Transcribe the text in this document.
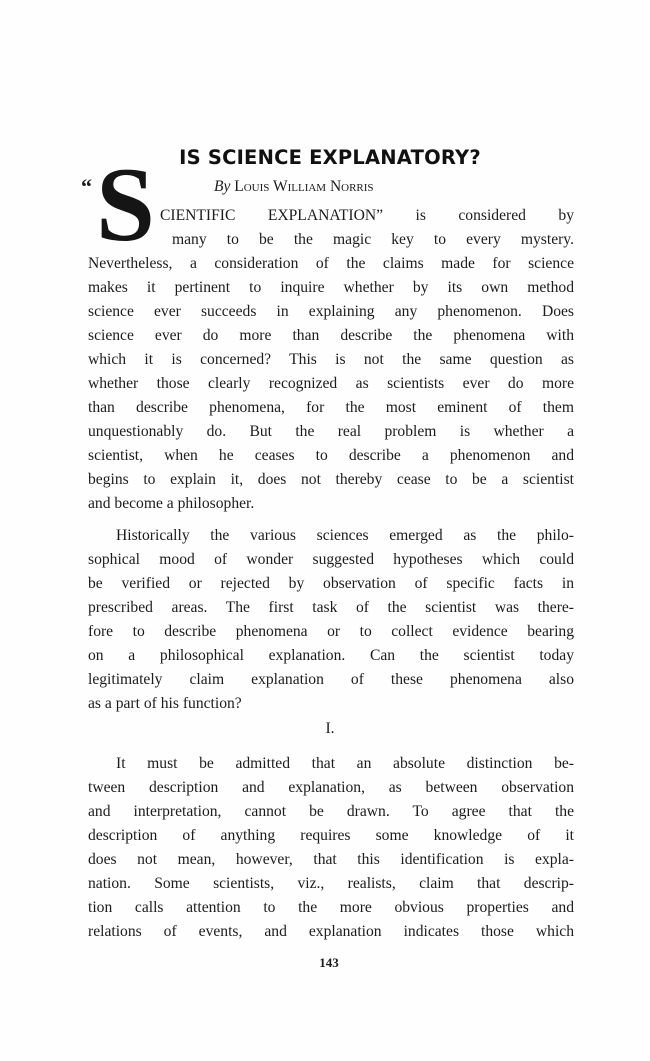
IS SCIENCE EXPLANATORY?
“ S	By Louis William Norris

CIENTIFIC EXPLANATION” is considered by
many to be the magic key to every mystery.
Nevertheless, a consideration of the claims made for science
makes it pertinent to inquire whether by its own method
science ever succeeds in explaining any phenomenon. Does
science ever do more than describe the phenomena with
which it is concerned? This is not the same question as
whether those clearly recognized as scientists ever do more
than describe phenomena, for the most eminent of them
unquestionably do. But the real problem is whether a
scientist, when he ceases to describe a phenomenon and
begins to explain it, does not thereby cease to be a scientist
and become a philosopher.
Historically the various sciences emerged as the philo-
sophical mood of wonder suggested hypotheses which could
be verified or rejected by observation of specific facts in
prescribed areas. The first task of the scientist was there-
fore to describe phenomena or to collect evidence bearing
on a philosophical explanation. Can the scientist today
legitimately claim explanation of these phenomena also
as a part of his function?

I.

It must be admitted that an absolute distinction be-
tween description and explanation, as between observation
and interpretation, cannot be drawn. To agree that the
description of anything requires some knowledge of it
does not mean, however, that this identification is expla-
nation. Some scientists, viz., realists, claim that descrip-
tion calls attention to the more obvious properties and
relations of events, and explanation indicates those which

143
